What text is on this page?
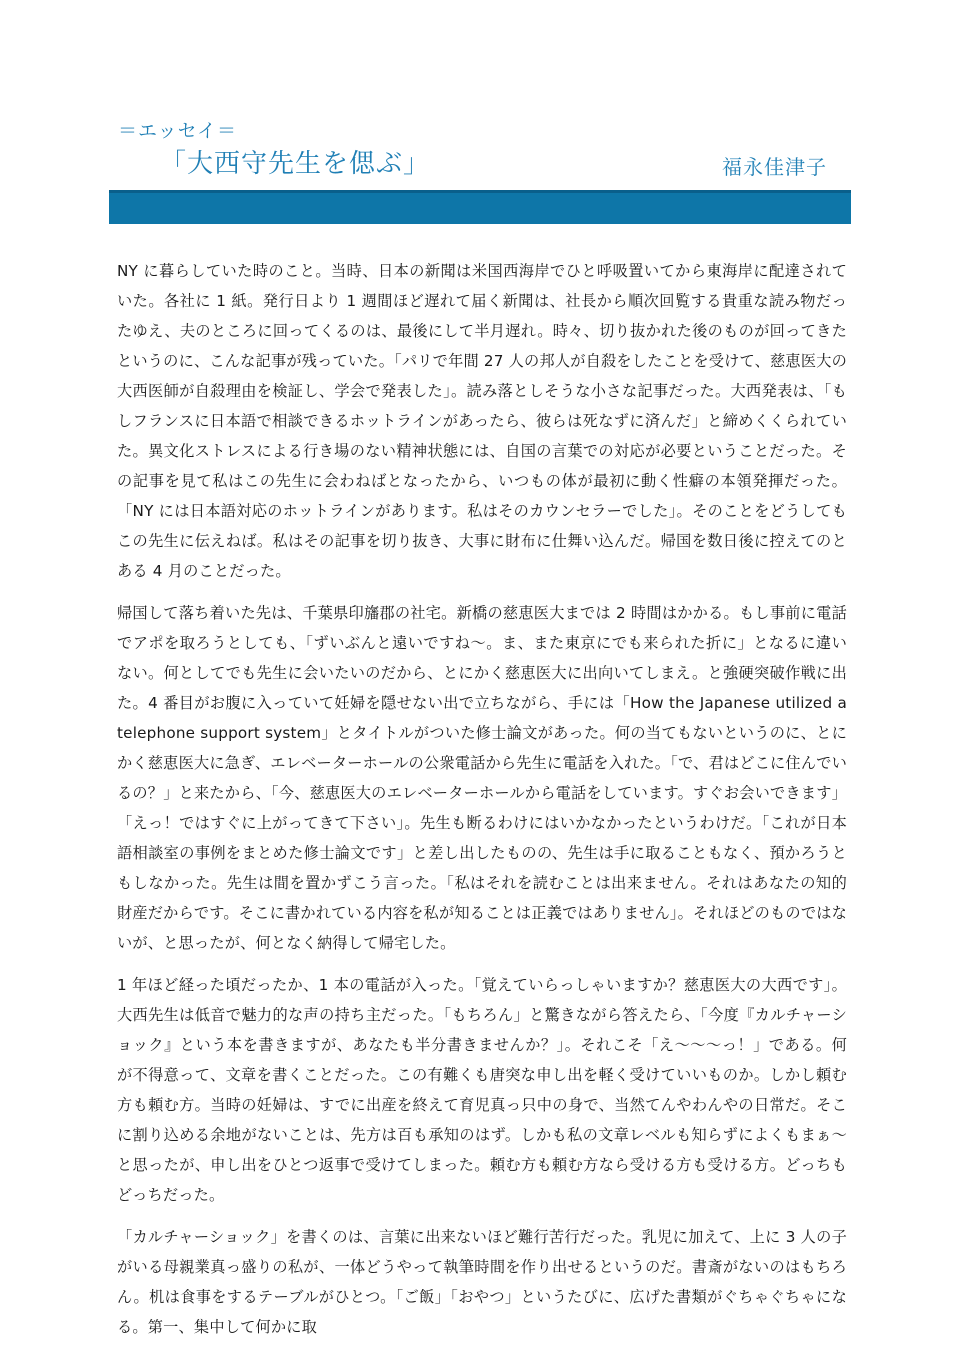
＝エッセイ＝
「大西守先生を偲ぶ」	福永佳津子

NY に暮らしていた時のこと。当時、日本の新聞は米国西海岸でひと呼吸置いてから東海岸に配達されていた。各社に 1 紙。発行日より 1 週間ほど遅れて届く新聞は、社長から順次回覧する貴重な読み物だったゆえ、夫のところに回ってくるのは、最後にして半月遅れ。時々、切り抜かれた後のものが回ってきたというのに、こんな記事が残っていた。「パリで年間 27 人の邦人が自殺をしたことを受けて、慈恵医大の大西医師が自殺理由を検証し、学会で発表した」。読み落としそうな小さな記事だった。大西発表は、「もしフランスに日本語で相談できるホットラインがあったら、彼らは死なずに済んだ」と締めくくられていた。異文化ストレスによる行き場のない精神状態には、自国の言葉での対応が必要ということだった。その記事を見て私はこの先生に会わねばとなったから、いつもの体が最初に動く性癖の本領発揮だった。「NY には日本語対応のホットラインがあります。私はそのカウンセラーでした」。そのことをどうしてもこの先生に伝えねば。私はその記事を切り抜き、大事に財布に仕舞い込んだ。帰国を数日後に控えてのとある 4 月のことだった。

帰国して落ち着いた先は、千葉県印旛郡の社宅。新橋の慈恵医大までは 2 時間はかかる。もし事前に電話でアポを取ろうとしても、「ずいぶんと遠いですね～。ま、また東京にでも来られた折に」となるに違いない。何としてでも先生に会いたいのだから、とにかく慈恵医大に出向いてしまえ。と強硬突破作戦に出た。4 番目がお腹に入っていて妊婦を隠せない出で立ちながら、手には「How the Japanese utilized a telephone support system」とタイトルがついた修士論文があった。何の当てもないというのに、とにかく慈恵医大に急ぎ、エレベーターホールの公衆電話から先生に電話を入れた。「で、君はどこに住んでいるの？」と来たから、「今、慈恵医大のエレベーターホールから電話をしています。すぐお会いできます」「えっ！ではすぐに上がってきて下さい」。先生も断るわけにはいかなかったというわけだ。「これが日本語相談室の事例をまとめた修士論文です」と差し出したものの、先生は手に取ることもなく、預かろうともしなかった。先生は間を置かずこう言った。「私はそれを読むことは出来ません。それはあなたの知的財産だからです。そこに書かれている内容を私が知ることは正義ではありません」。それほどのものではないが、と思ったが、何となく納得して帰宅した。

1 年ほど経った頃だったか、1 本の電話が入った。「覚えていらっしゃいますか？慈恵医大の大西です」。大西先生は低音で魅力的な声の持ち主だった。「もちろん」と驚きながら答えたら、「今度『カルチャーショック』という本を書きますが、あなたも半分書きませんか？」。それこそ「え～～～っ！」である。何が不得意って、文章を書くことだった。この有難くも唐突な申し出を軽く受けていいものか。しかし頼む方も頼む方。当時の妊婦は、すでに出産を終えて育児真っ只中の身で、当然てんやわんやの日常だ。そこに割り込める余地がないことは、先方は百も承知のはず。しかも私の文章レベルも知らずによくもまぁ～と思ったが、申し出をひとつ返事で受けてしまった。頼む方も頼む方なら受ける方も受ける方。どっちもどっちだった。

「カルチャーショック」を書くのは、言葉に出来ないほど難行苦行だった。乳児に加えて、上に 3 人の子がいる母親業真っ盛りの私が、一体どうやって執筆時間を作り出せるというのだ。書斎がないのはもちろん。机は食事をするテーブルがひとつ。「ご飯」「おやつ」というたびに、広げた書類がぐちゃぐちゃになる。第一、集中して何かに取
